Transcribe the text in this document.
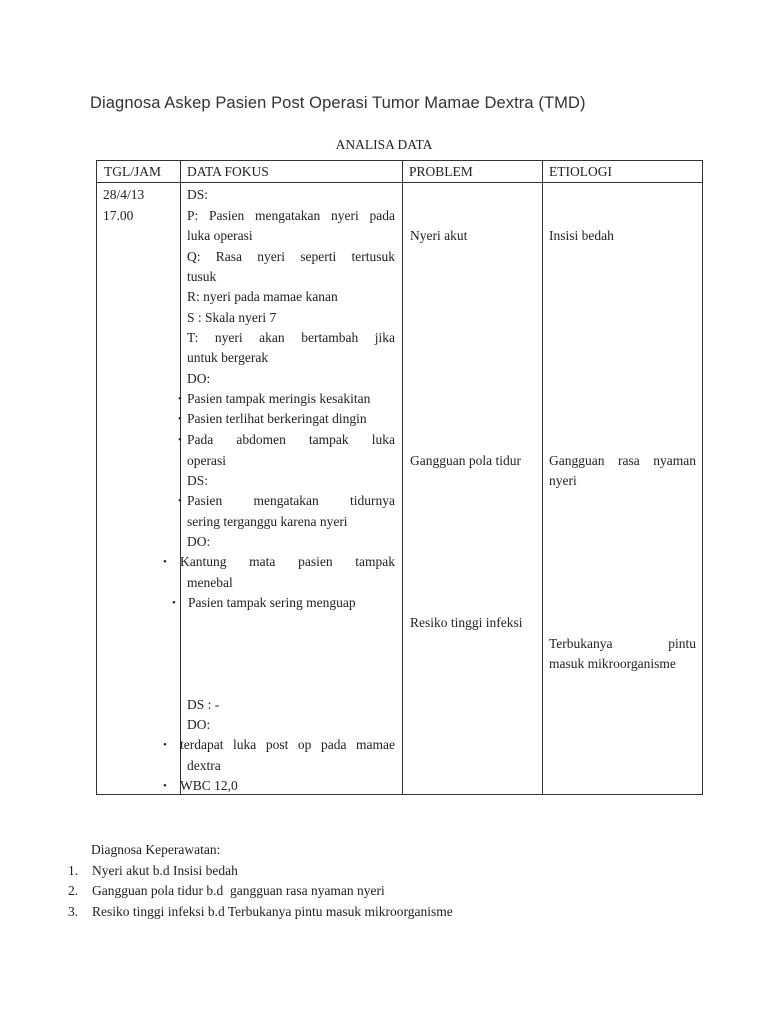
Diagnosa Askep Pasien Post Operasi Tumor Mamae Dextra (TMD)
ANALISA DATA
TGL/JAM DATA FOKUS	PROBLEM	ETIOLOGI
28/4/13
17.00
DS:
P: Pasien mengatakan nyeri pada
luka operasi
Q: Rasa nyeri seperti tertusuk
tusuk
R: nyeri pada mamae kanan
S : Skala nyeri 7
T: nyeri akan bertambah jika
untuk bergerak
DO:
• Pasien tampak meringis kesakitan
• Pasien terlihat berkeringat dingin
• Pada abdomen tampak luka
operasi
DS:
• Pasien mengatakan tidurnya
sering terganggu karena nyeri
DO:
• Kantung mata pasien tampak
menebal
• Pasien tampak sering menguap
DS : -
DO:
• terdapat luka post op pada mamae
dextra
• WBC 12,0
Nyeri akut
Gangguan pola tidur
Resiko tinggi infeksi
Insisi bedah
Gangguan rasa nyaman
nyeri
Terbukanya pintu
masuk mikroorganisme
Diagnosa Keperawatan:
1. Nyeri akut b.d Insisi bedah
2. Gangguan pola tidur b.d  gangguan rasa nyaman nyeri
3. Resiko tinggi infeksi b.d Terbukanya pintu masuk mikroorganisme
